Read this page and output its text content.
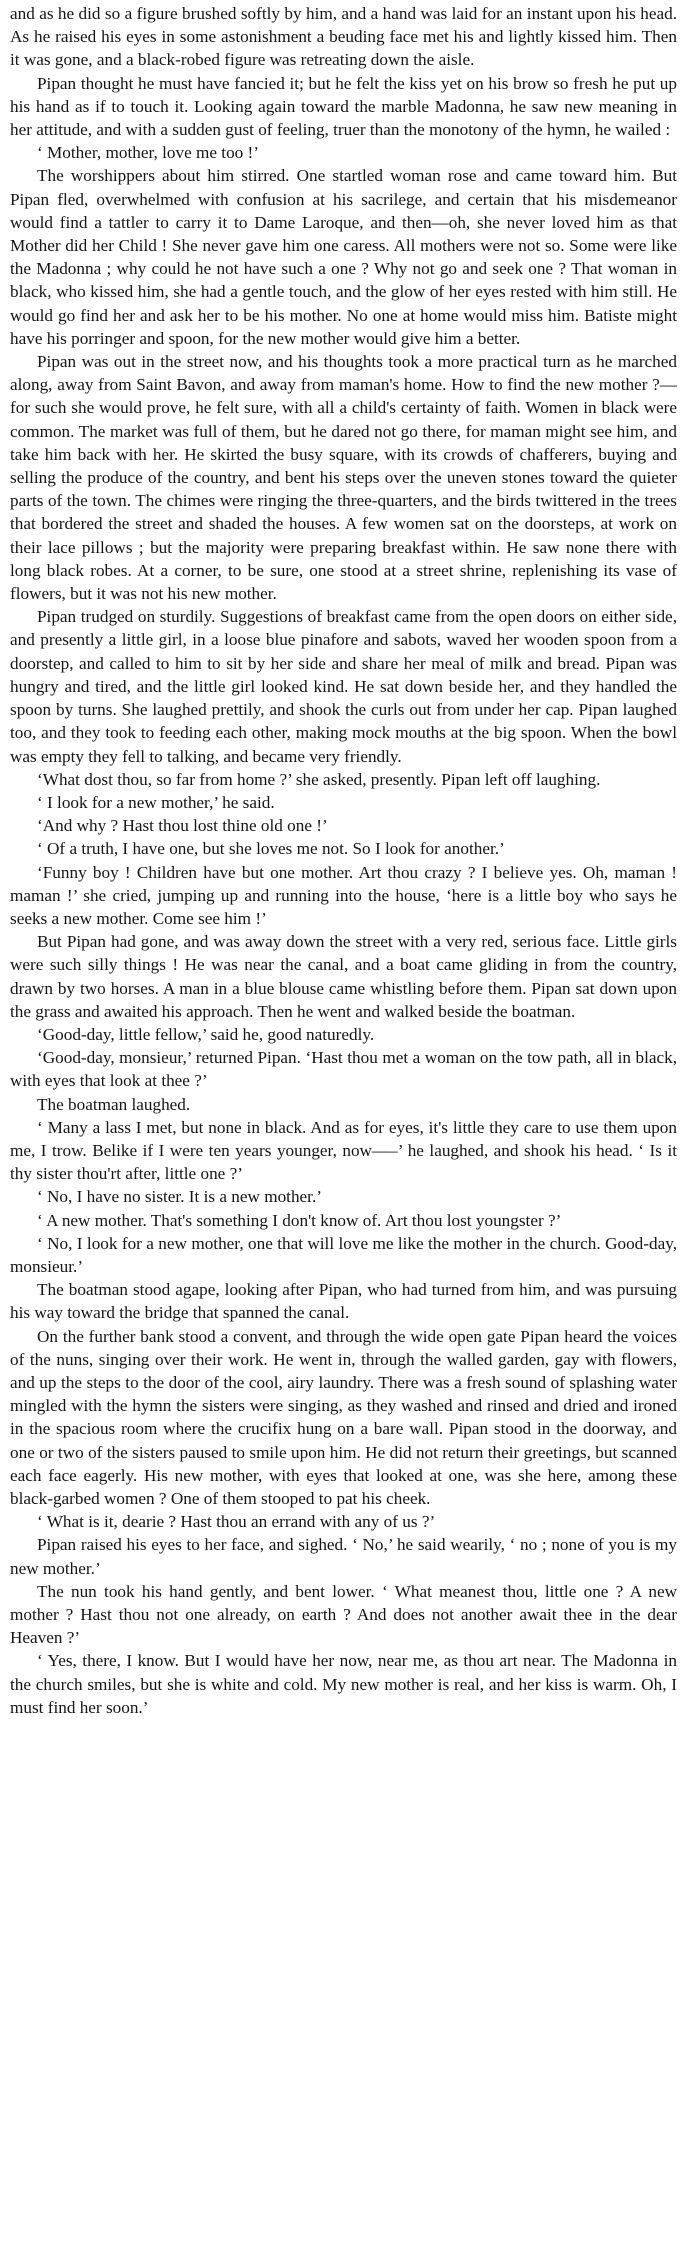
and as he did so a figure brushed softly by him, and a hand was laid for an instant upon his head. As he raised his eyes in some astonishment a beuding face met his and lightly kissed him. Then it was gone, and a black-robed figure was retreating down the aisle.

Pipan thought he must have fancied it; but he felt the kiss yet on his brow so fresh he put up his hand as if to touch it. Looking again toward the marble Madonna, he saw new meaning in her attitude, and with a sudden gust of feeling, truer than the monotony of the hymn, he wailed :

‘ Mother, mother, love me too !’

The worshippers about him stirred. One startled woman rose and came toward him. But Pipan fled, overwhelmed with confusion at his sacrilege, and certain that his misdemeanor would find a tattler to carry it to Dame Laroque, and then—oh, she never loved him as that Mother did her Child ! She never gave him one caress. All mothers were not so. Some were like the Madonna ; why could he not have such a one ? Why not go and seek one ? That woman in black, who kissed him, she had a gentle touch, and the glow of her eyes rested with him still. He would go find her and ask her to be his mother. No one at home would miss him. Batiste might have his porringer and spoon, for the new mother would give him a better.

Pipan was out in the street now, and his thoughts took a more practical turn as he marched along, away from Saint Bavon, and away from maman's home. How to find the new mother ?—for such she would prove, he felt sure, with all a child's certainty of faith. Women in black were common. The market was full of them, but he dared not go there, for maman might see him, and take him back with her. He skirted the busy square, with its crowds of chafferers, buying and selling the produce of the country, and bent his steps over the uneven stones toward the quieter parts of the town. The chimes were ringing the three-quarters, and the birds twittered in the trees that bordered the street and shaded the houses. A few women sat on the doorsteps, at work on their lace pillows ; but the majority were preparing breakfast within. He saw none there with long black robes. At a corner, to be sure, one stood at a street shrine, replenishing its vase of flowers, but it was not his new mother.

Pipan trudged on sturdily. Suggestions of breakfast came from the open doors on either side, and presently a little girl, in a loose blue pinafore and sabots, waved her wooden spoon from a doorstep, and called to him to sit by her side and share her meal of milk and bread. Pipan was hungry and tired, and the little girl looked kind. He sat down beside her, and they handled the spoon by turns. She laughed prettily, and shook the curls out from under her cap. Pipan laughed too, and they took to feeding each other, making mock mouths at the big spoon. When the bowl was empty they fell to talking, and became very friendly.

‘What dost thou, so far from home ?’ she asked, presently. Pipan left off laughing.

‘ I look for a new mother,’ he said.

‘And why ? Hast thou lost thine old one !’

‘ Of a truth, I have one, but she loves me not. So I look for another.’

‘Funny boy ! Children have but one mother. Art thou crazy ? I believe yes. Oh, maman ! maman !’ she cried, jumping up and running into the house, ‘here is a little boy who says he seeks a new mother. Come see him !’

But Pipan had gone, and was away down the street with a very red, serious face. Little girls were such silly things ! He was near the canal, and a boat came gliding in from the country, drawn by two horses. A man in a blue blouse came whistling before them. Pipan sat down upon the grass and awaited his approach. Then he went and walked beside the boatman.

‘Good-day, little fellow,’ said he, good naturedly.

‘Good-day, monsieur,’ returned Pipan. ‘Hast thou met a woman on the tow path, all in black, with eyes that look at thee ?’

The boatman laughed.

‘ Many a lass I met, but none in black. And as for eyes, it's little they care to use them upon me, I trow. Belike if I were ten years younger, now—–’ he laughed, and shook his head. ‘ Is it thy sister thou'rt after, little one ?’

‘ No, I have no sister. It is a new mother.’

‘ A new mother. That's something I don't know of. Art thou lost youngster ?’

‘ No, I look for a new mother, one that will love me like the mother in the church. Good-day, monsieur.’

The boatman stood agape, looking after Pipan, who had turned from him, and was pursuing his way toward the bridge that spanned the canal.

On the further bank stood a convent, and through the wide open gate Pipan heard the voices of the nuns, singing over their work. He went in, through the walled garden, gay with flowers, and up the steps to the door of the cool, airy laundry. There was a fresh sound of splashing water mingled with the hymn the sisters were singing, as they washed and rinsed and dried and ironed in the spacious room where the crucifix hung on a bare wall. Pipan stood in the doorway, and one or two of the sisters paused to smile upon him. He did not return their greetings, but scanned each face eagerly. His new mother, with eyes that looked at one, was she here, among these black-garbed women ? One of them stooped to pat his cheek.

‘ What is it, dearie ? Hast thou an errand with any of us ?’

Pipan raised his eyes to her face, and sighed. ‘ No,’ he said wearily, ‘ no ; none of you is my new mother.’

The nun took his hand gently, and bent lower. ‘ What meanest thou, little one ? A new mother ? Hast thou not one already, on earth ? And does not another await thee in the dear Heaven ?’

‘ Yes, there, I know. But I would have her now, near me, as thou art near. The Madonna in the church smiles, but she is white and cold. My new mother is real, and her kiss is warm. Oh, I must find her soon.’
